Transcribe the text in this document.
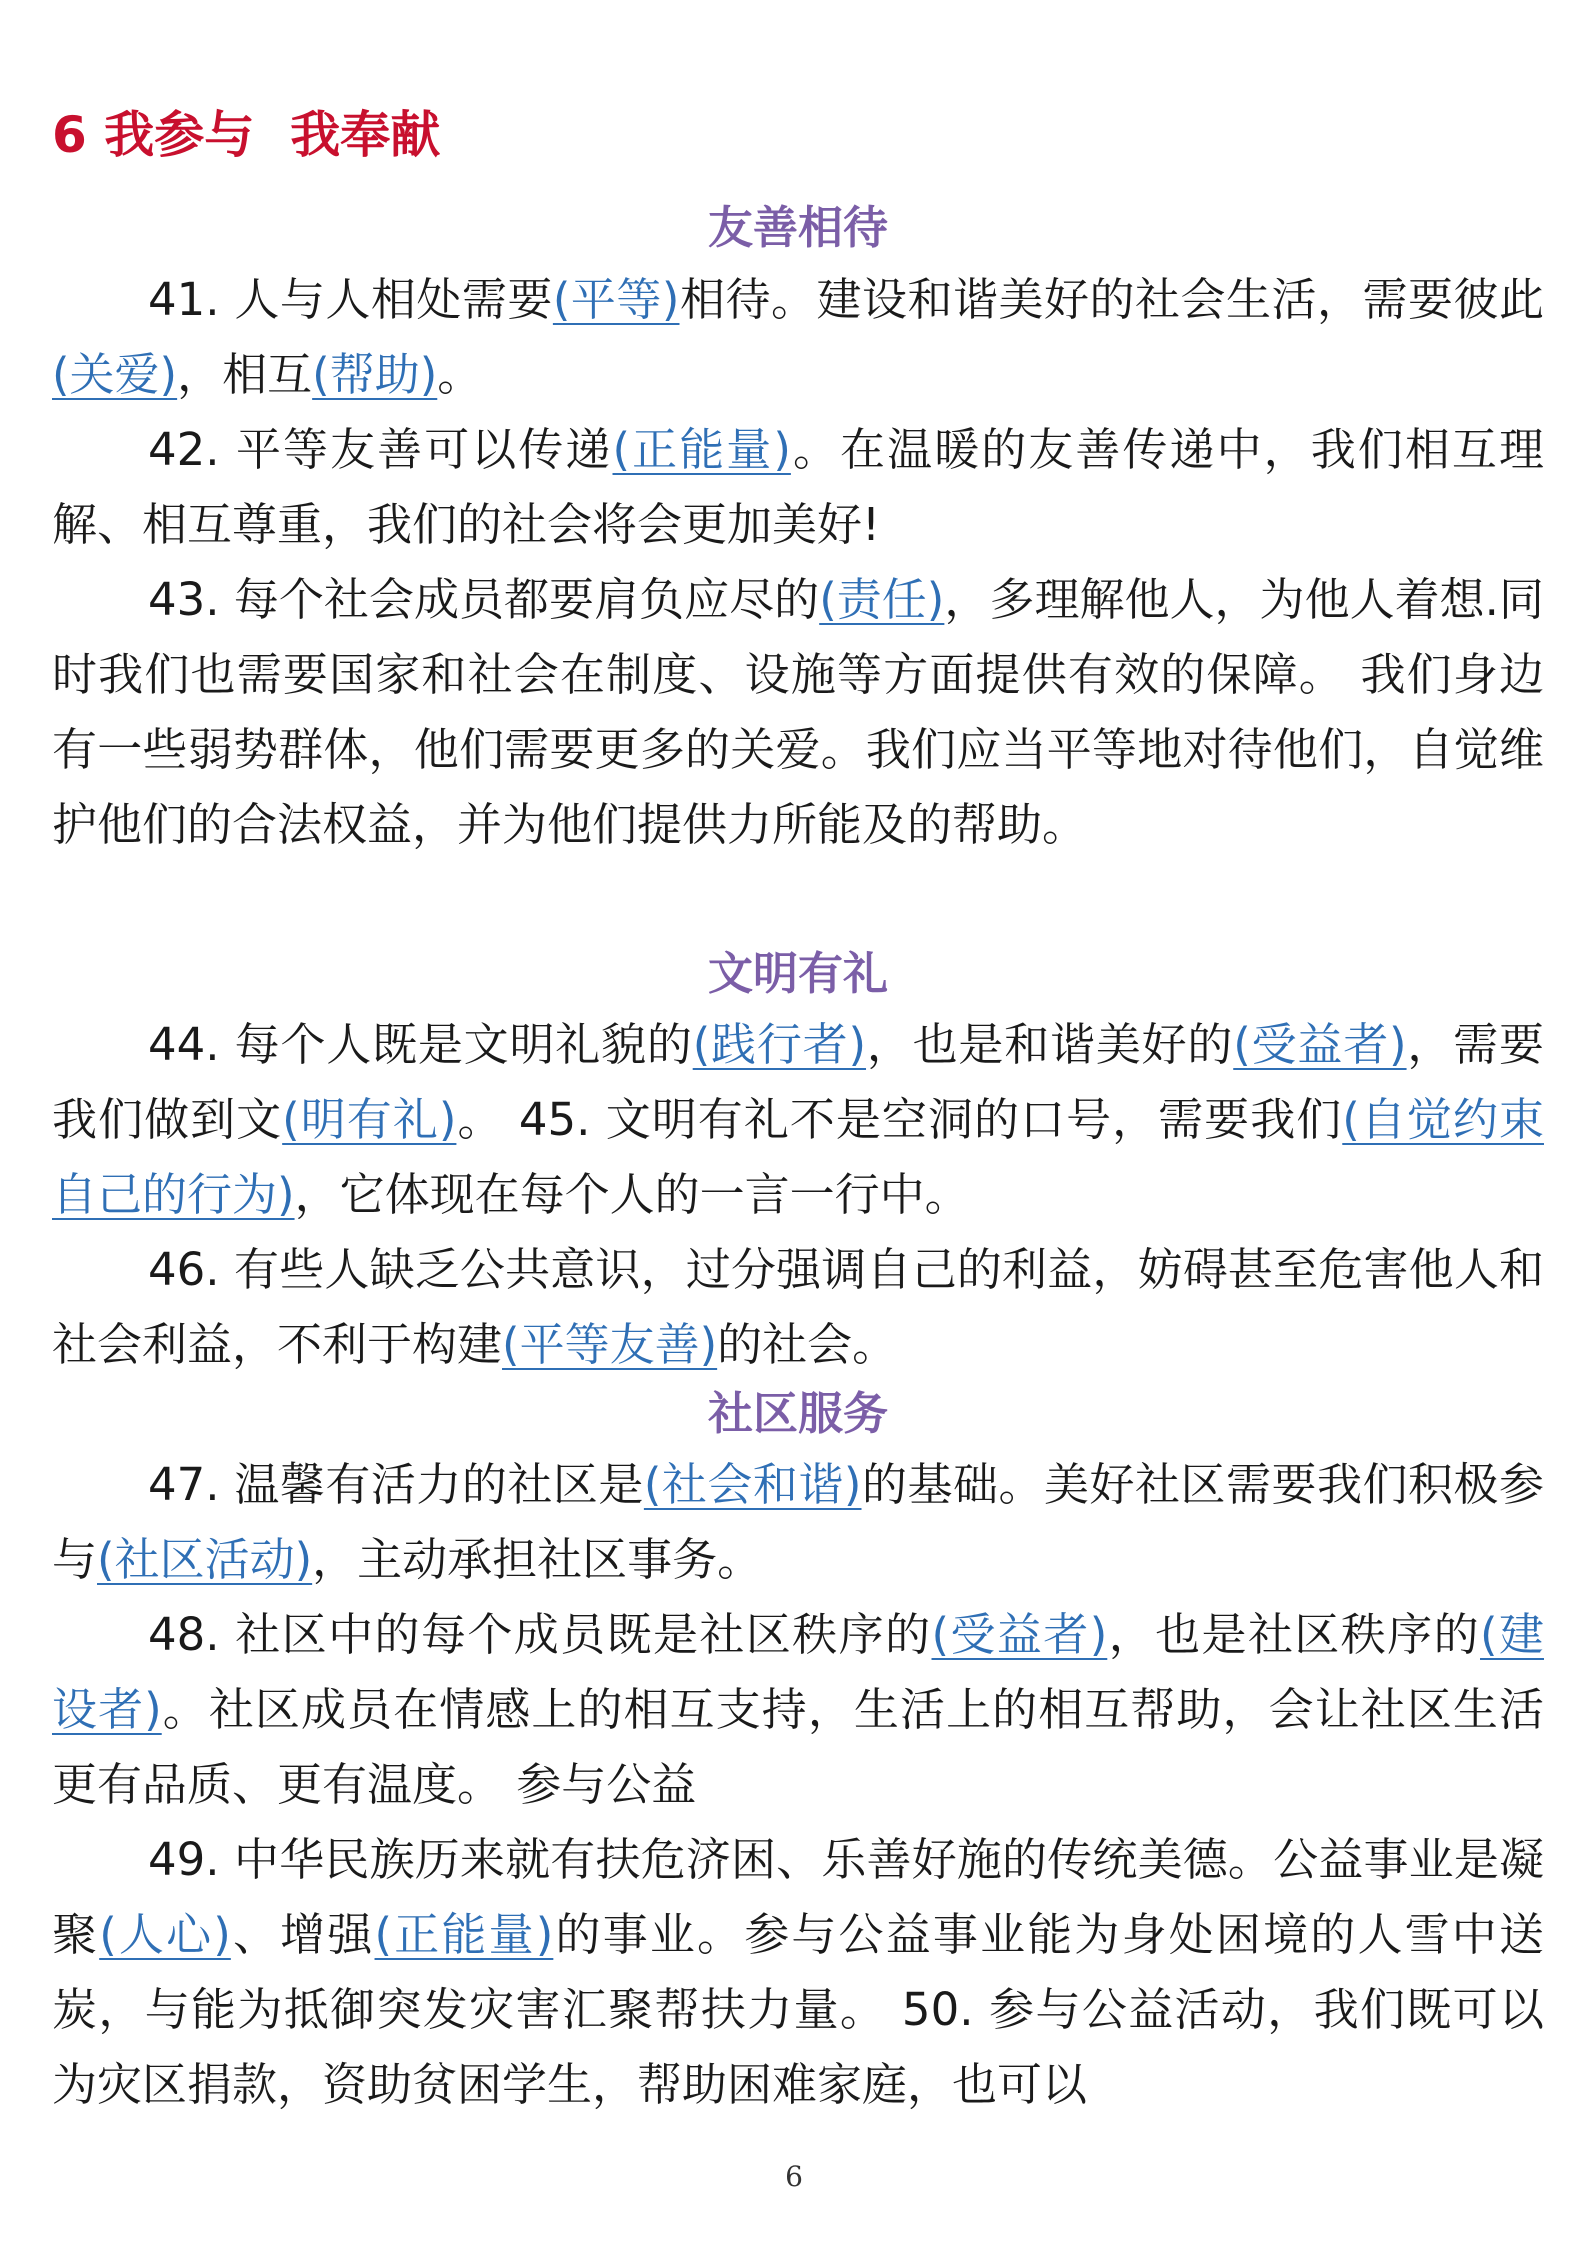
6 我参与 我奉献
友善相待

41. 人与人相处需要(平等)相待。建设和谐美好的社会生活，需要彼此(关爱)，相互(帮助)。

42. 平等友善可以传递(正能量)。在温暖的友善传递中，我们相互理解、相互尊重，我们的社会将会更加美好!

43. 每个社会成员都要肩负应尽的(责任)，多理解他人，为他人着想.同时我们也需要国家和社会在制度、设施等方面提供有效的保障。 我们身边有一些弱势群体，他们需要更多的关爱。我们应当平等地对待他们，自觉维护他们的合法权益，并为他们提供力所能及的帮助。

文明有礼

44. 每个人既是文明礼貌的(践行者)，也是和谐美好的(受益者)，需要我们做到文(明有礼)。 45. 文明有礼不是空洞的口号，需要我们(自觉约束自己的行为)，它体现在每个人的一言一行中。

46. 有些人缺乏公共意识，过分强调自己的利益，妨碍甚至危害他人和社会利益，不利于构建(平等友善)的社会。

社区服务

47. 温馨有活力的社区是(社会和谐)的基础。美好社区需要我们积极参与(社区活动)，主动承担社区事务。

48. 社区中的每个成员既是社区秩序的(受益者)，也是社区秩序的(建设者)。社区成员在情感上的相互支持，生活上的相互帮助，会让社区生活更有品质、更有温度。 参与公益

49. 中华民族历来就有扶危济困、乐善好施的传统美德。公益事业是凝聚(人心)、增强(正能量)的事业。参与公益事业能为身处困境的人雪中送炭，与能为抵御突发灾害汇聚帮扶力量。 50. 参与公益活动，我们既可以为灾区捐款，资助贫困学生，帮助困难家庭，也可以

6
